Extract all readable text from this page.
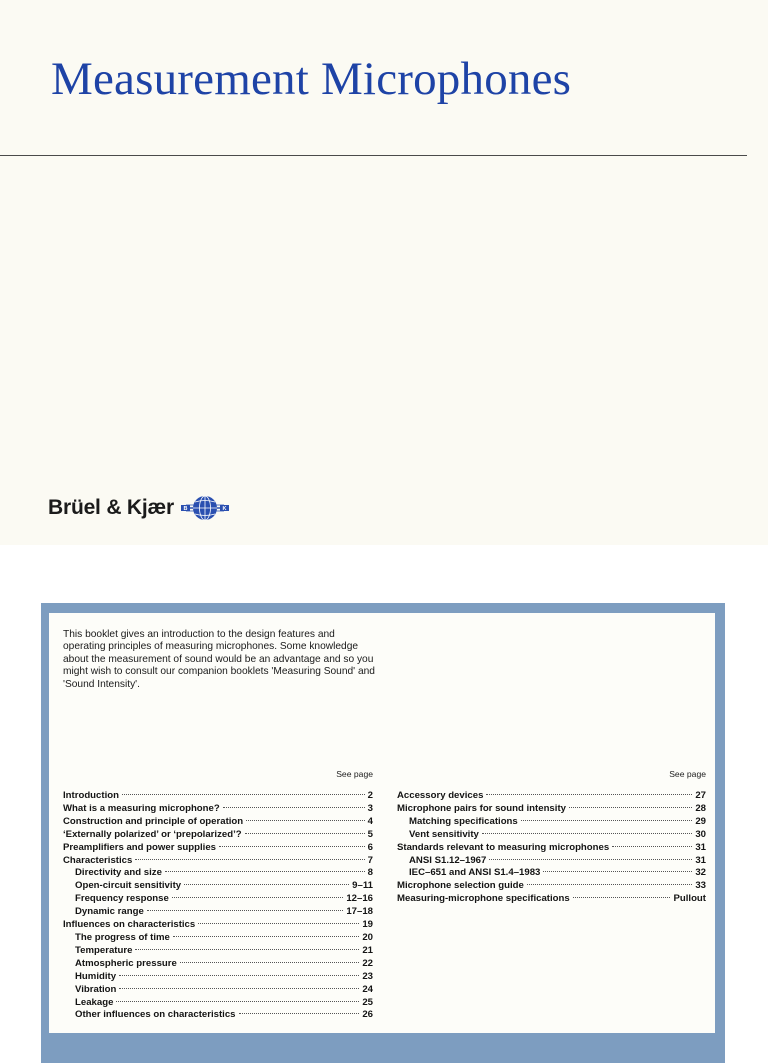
Measurement Microphones
Brüel & Kjær B	K

This booklet gives an introduction to the design features and operating principles of measuring microphones. Some knowledge about the measurement of sound would be an advantage and so you might wish to consult our companion booklets 'Measuring Sound' and 'Sound Intensity'.

See page
Introduction	2
What is a measuring microphone?	3
Construction and principle of operation	4
‘Externally polarized’ or ‘prepolarized’?	5
Preamplifiers and power supplies	6
Characteristics	7
Directivity and size	8
Open-circuit sensitivity	9–11
Frequency response	12–16
Dynamic range	17–18
Influences on characteristics	19
The progress of time	20
Temperature	21
Atmospheric pressure	22
Humidity	23
Vibration	24
Leakage	25
Other influences on characteristics	26
See page
Accessory devices	27
Microphone pairs for sound intensity	28
Matching specifications	29
Vent sensitivity	30
Standards relevant to measuring microphones	31
ANSI S1.12–1967	31
IEC–651 and ANSI S1.4–1983	32
Microphone selection guide	33
Measuring-microphone specifications	Pullout
